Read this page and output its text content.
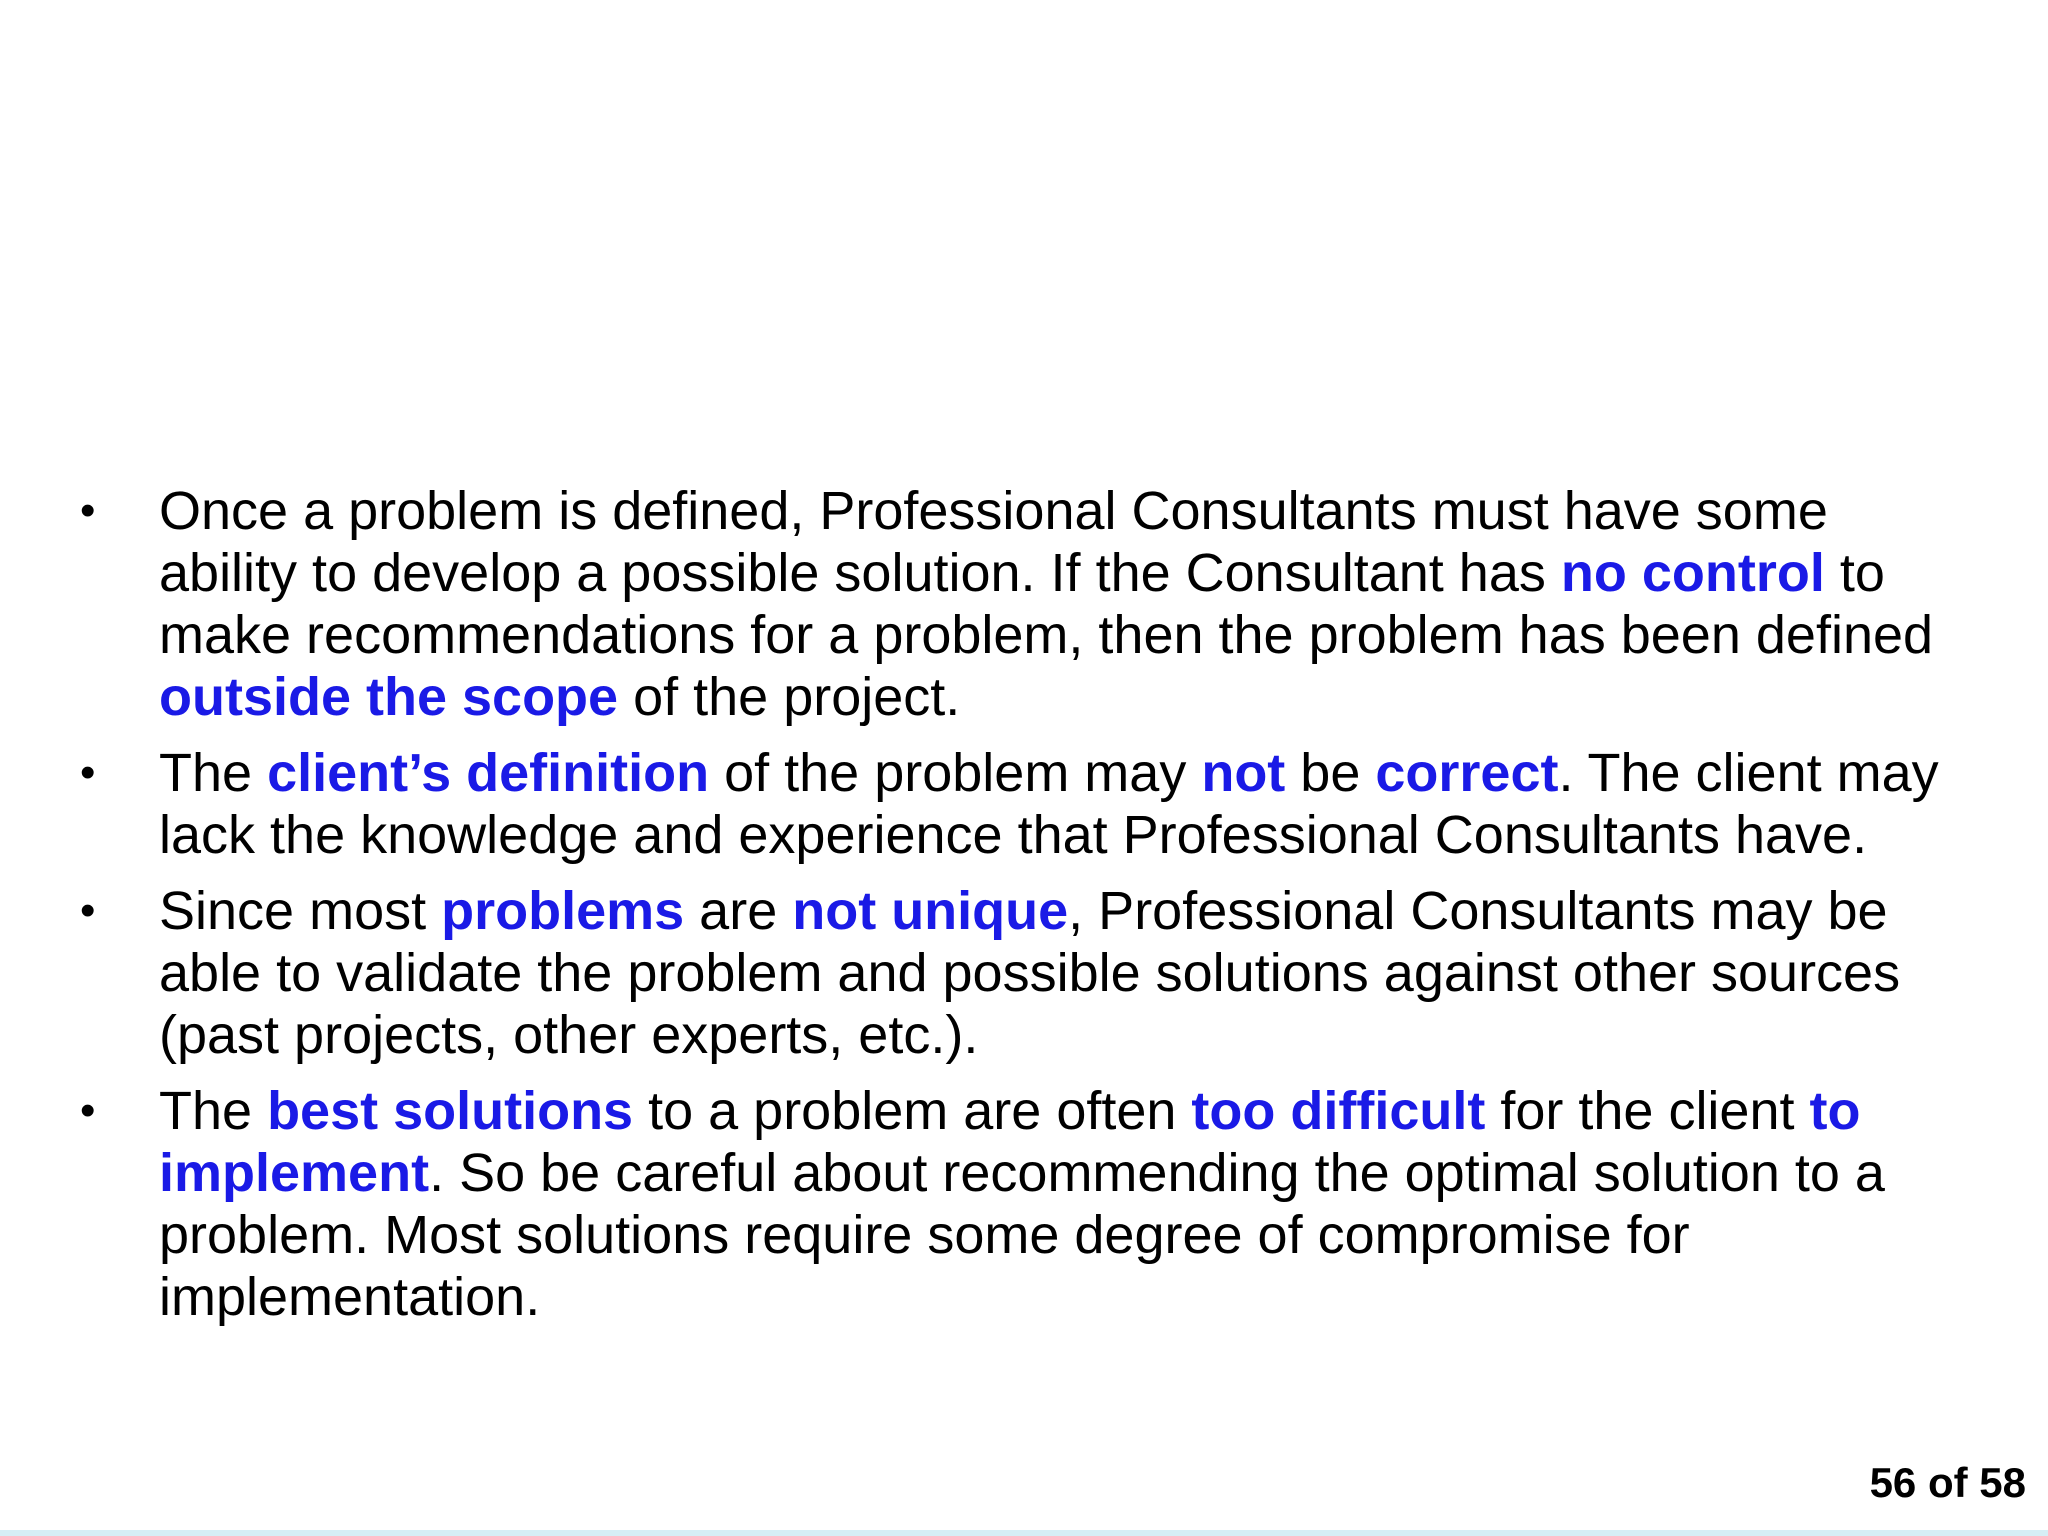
• Once a problem is defined, Professional Consultants must have some ability to develop a possible solution. If the Consultant has no control to make recommendations for a problem, then the problem has been defined outside the scope of the project.
• The client’s definition of the problem may not be correct. The client may lack the knowledge and experience that Professional Consultants have.
• Since most problems are not unique, Professional Consultants may be able to validate the problem and possible solutions against other sources (past projects, other experts, etc.).
• The best solutions to a problem are often too difficult for the client to implement. So be careful about recommending the optimal solution to a problem. Most solutions require some degree of compromise for implementation.
56 of 58
